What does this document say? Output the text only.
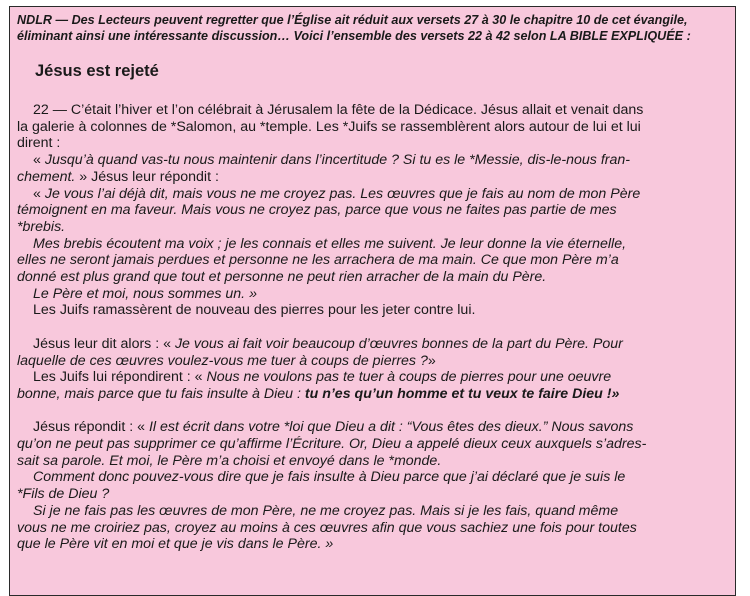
NDLR — Des Lecteurs peuvent regretter que l’Église ait réduit aux versets 27 à 30 le chapitre 10 de cet évangile,

éliminant ainsi une intéressante discussion… Voici l’ensemble des versets 22 à 42 selon LA BIBLE EXPLIQUÉE :

Jésus est rejeté

22 — C’était l’hiver et l’on célébrait à Jérusalem la fête de la Dédicace. Jésus allait et venait dans

la galerie à colonnes de *Salomon, au *temple. Les *Juifs se rassemblèrent alors autour de lui et lui

dirent :

« Jusqu’à quand vas-tu nous maintenir dans l’incertitude ? Si tu es le *Messie, dis-le-nous fran-

chement. » Jésus leur répondit :

« Je vous l’ai déjà dit, mais vous ne me croyez pas. Les œuvres que je fais au nom de mon Père

témoignent en ma faveur. Mais vous ne croyez pas, parce que vous ne faites pas partie de mes

*brebis.

Mes brebis écoutent ma voix ; je les connais et elles me suivent. Je leur donne la vie éternelle,

elles ne seront jamais perdues et personne ne les arrachera de ma main. Ce que mon Père m’a

donné est plus grand que tout et personne ne peut rien arracher de la main du Père.

Le Père et moi, nous sommes un. »

Les Juifs ramassèrent de nouveau des pierres pour les jeter contre lui.

Jésus leur dit alors : « Je vous ai fait voir beaucoup d’œuvres bonnes de la part du Père. Pour

laquelle de ces œuvres voulez-vous me tuer à coups de pierres ?»

Les Juifs lui répondirent : « Nous ne voulons pas te tuer à coups de pierres pour une oeuvre

bonne, mais parce que tu fais insulte à Dieu : tu n’es qu’un homme et tu veux te faire Dieu !»

Jésus répondit : « Il est écrit dans votre *loi que Dieu a dit : “Vous êtes des dieux.” Nous savons

qu’on ne peut pas supprimer ce qu’affirme l’Écriture. Or, Dieu a appelé dieux ceux auxquels s’adres-

sait sa parole. Et moi, le Père m’a choisi et envoyé dans le *monde.

Comment donc pouvez-vous dire que je fais insulte à Dieu parce que j’ai déclaré que je suis le

*Fils de Dieu ?

Si je ne fais pas les œuvres de mon Père, ne me croyez pas. Mais si je les fais, quand même

vous ne me croiriez pas, croyez au moins à ces œuvres afin que vous sachiez une fois pour toutes

que le Père vit en moi et que je vis dans le Père. »
